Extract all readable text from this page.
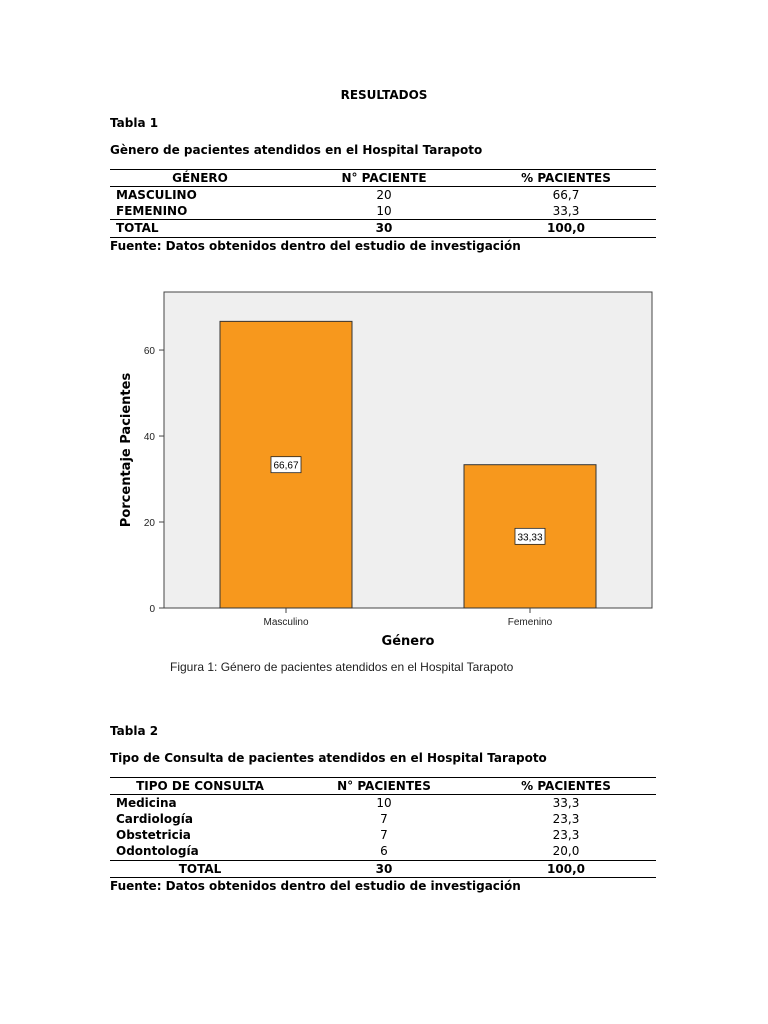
RESULTADOS
Tabla 1
Gènero de pacientes atendidos en el Hospital Tarapoto
GÉNERO	N° PACIENTE	% PACIENTES
MASCULINO	20	66,7
FEMENINO	10	33,3
TOTAL	30	100,0
Fuente: Datos obtenidos dentro del estudio de investigación
0
20
40
60
66,67
Masculino
33,33
Femenino
Porcentaje Pacientes
Género
Figura 1: Género de pacientes atendidos en el Hospital Tarapoto
Tabla 2
Tipo de Consulta de pacientes atendidos en el Hospital Tarapoto
TIPO DE CONSULTA	N° PACIENTES	% PACIENTES
Medicina	10	33,3
Cardiología	7	23,3
Obstetricia	7	23,3
Odontología	6	20,0
TOTAL	30	100,0
Fuente: Datos obtenidos dentro del estudio de investigación
